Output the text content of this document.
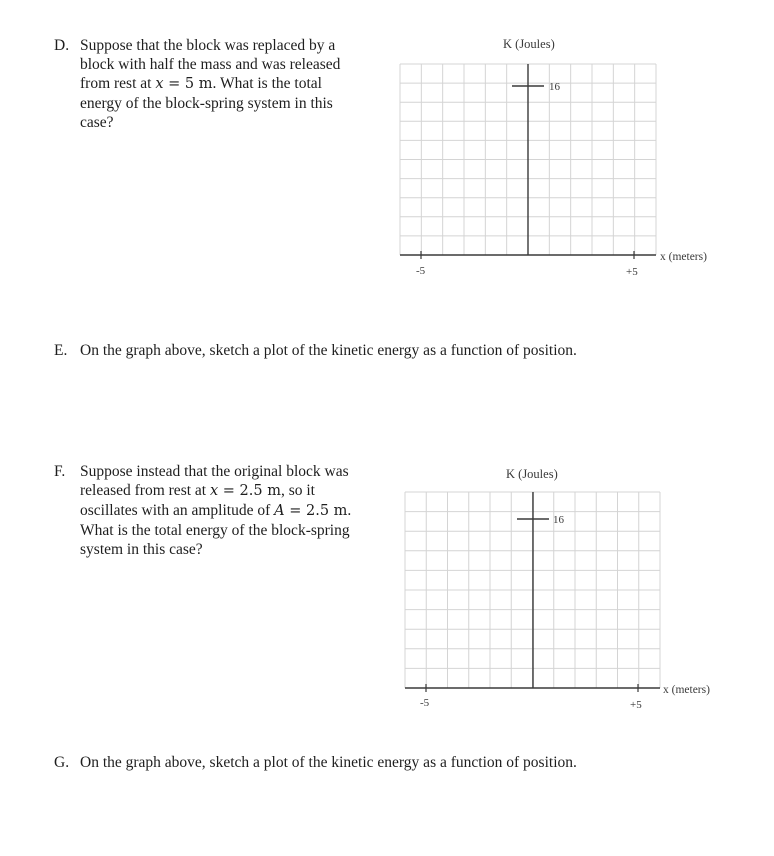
D. Suppose that the block was replaced by a
block with half the mass and was released
from rest at x = 5 m. What is the total
energy of the block-spring system in this
case?
K (Joules)
16
x (meters)
-5	+5
E. On the graph above, sketch a plot of the kinetic energy as a function of position.
F. Suppose instead that the original block was
released from rest at x = 2.5 m, so it
oscillates with an amplitude of A = 2.5 m.
What is the total energy of the block-spring
system in this case?
K (Joules)
16
x (meters)
-5	+5
G. On the graph above, sketch a plot of the kinetic energy as a function of position.
